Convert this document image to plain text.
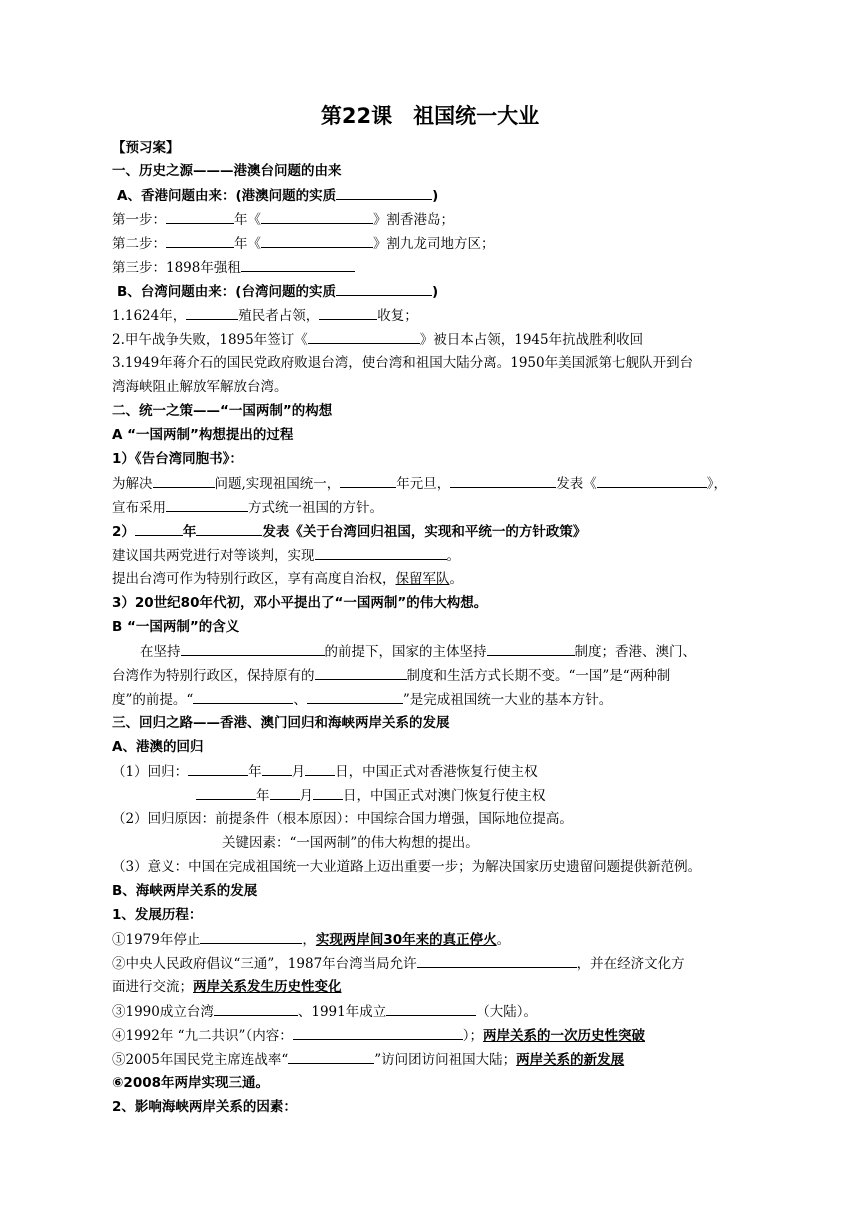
第22课　祖国统一大业
【预习案】
一、历史之源———港澳台问题的由来
A、香港问题由来：(港澳问题的实质	)
第一步：	年《	》割香港岛；
第二步：	年《	》割九龙司地方区；
第三步：1898年强租
B、台湾问题由来：(台湾问题的实质	)
1.1624年，	殖民者占领，	收复；
2.甲午战争失败，1895年签订《	》被日本占领，1945年抗战胜利收回
3.1949年蒋介石的国民党政府败退台湾，使台湾和祖国大陆分离。1950年美国派第七舰队开到台
湾海峡阻止解放军解放台湾。
二、统一之策——“一国两制”的构想
A “一国两制”构想提出的过程
1）《告台湾同胞书》：
为解决	问题,实现祖国统一，	年元旦，	发表《	》，
宣布采用	方式统一祖国的方针。
2）	年	发表《关于台湾回归祖国，实现和平统一的方针政策》
建议国共两党进行对等谈判，实现	。
提出台湾可作为特别行政区，享有高度自治权，保留军队。
3）20世纪80年代初，邓小平提出了“一国两制”的伟大构想。
B “一国两制”的含义
在坚持	的前提下，国家的主体坚持	制度；香港、澳门、
台湾作为特别行政区，保持原有的	制度和生活方式长期不变。“一国”是“两种制
度”的前提。“	、	”是完成祖国统一大业的基本方针。
三、回归之路——香港、澳门回归和海峡两岸关系的发展
A、港澳的回归
（1）回归：	年 月 日，中国正式对香港恢复行使主权
年 月 日，中国正式对澳门恢复行使主权
（2）回归原因：前提条件（根本原因）：中国综合国力增强，国际地位提高。
关键因素：“一国两制”的伟大构想的提出。
（3）意义：中国在完成祖国统一大业道路上迈出重要一步；为解决国家历史遗留问题提供新范例。
B、海峡两岸关系的发展
1、发展历程：
①1979年停止	，实现两岸间30年来的真正停火。
②中央人民政府倡议“三通”，1987年台湾当局允许	，并在经济文化方
面进行交流；两岸关系发生历史性变化
③1990成立台湾	、1991年成立	（大陆）。
④1992年 “九二共识”（内容：	）；两岸关系的一次历史性突破
⑤2005年国民党主席连战率“	”访问团访问祖国大陆；两岸关系的新发展
⑥2008年两岸实现三通。
2、影响海峡两岸关系的因素：
